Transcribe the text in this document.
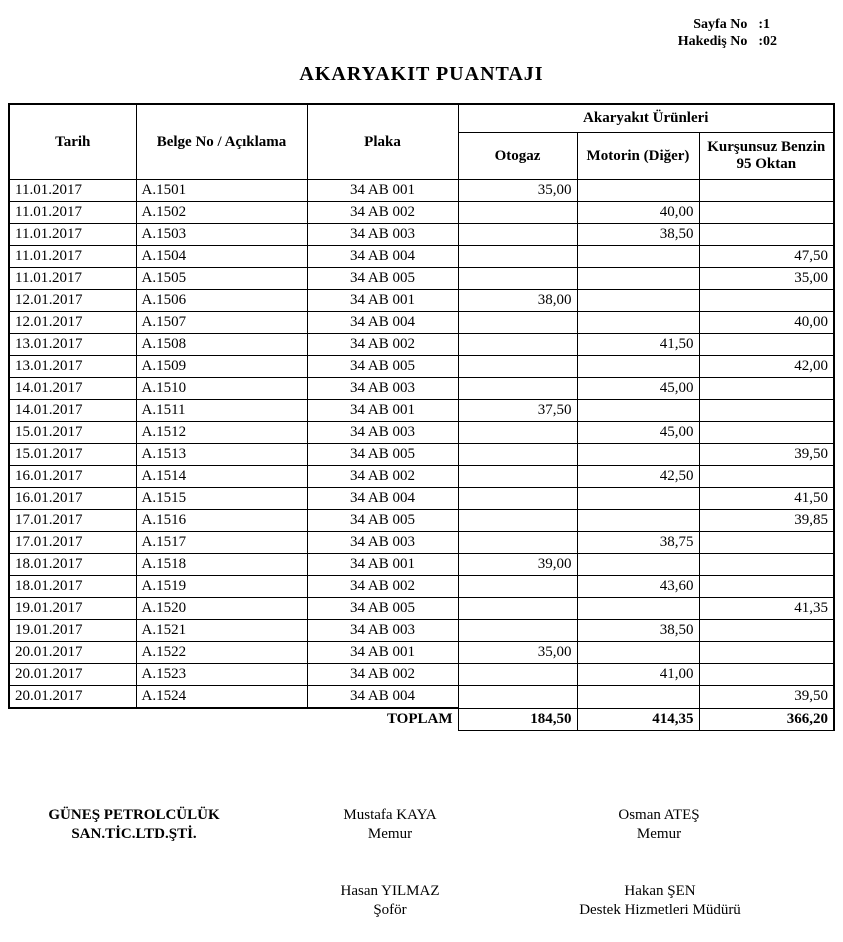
Sayfa No :1
Hakediş No :02
AKARYAKIT PUANTAJI
Tarih	Belge No / Açıklama	Plaka	Akaryakıt Ürünleri		
			Otogaz	Motorin (Diğer)	Kurşunsuz Benzin 95 Oktan
11.01.2017	A.1501	34 AB 001	35,00		
11.01.2017	A.1502	34 AB 002		40,00	
11.01.2017	A.1503	34 AB 003		38,50	
11.01.2017	A.1504	34 AB 004			47,50
11.01.2017	A.1505	34 AB 005			35,00
12.01.2017	A.1506	34 AB 001	38,00		
12.01.2017	A.1507	34 AB 004			40,00
13.01.2017	A.1508	34 AB 002		41,50	
13.01.2017	A.1509	34 AB 005			42,00
14.01.2017	A.1510	34 AB 003		45,00	
14.01.2017	A.1511	34 AB 001	37,50		
15.01.2017	A.1512	34 AB 003		45,00	
15.01.2017	A.1513	34 AB 005			39,50
16.01.2017	A.1514	34 AB 002		42,50	
16.01.2017	A.1515	34 AB 004			41,50
17.01.2017	A.1516	34 AB 005			39,85
17.01.2017	A.1517	34 AB 003		38,75	
18.01.2017	A.1518	34 AB 001	39,00		
18.01.2017	A.1519	34 AB 002		43,60	
19.01.2017	A.1520	34 AB 005			41,35
19.01.2017	A.1521	34 AB 003		38,50	
20.01.2017	A.1522	34 AB 001	35,00		
20.01.2017	A.1523	34 AB 002		41,00	
20.01.2017	A.1524	34 AB 004			39,50
TOPLAM			184,50	414,35	366,20
GÜNEŞ PETROLCÜLÜK
SAN.TİC.LTD.ŞTİ.
Mustafa KAYA
Memur
Osman ATEŞ
Memur
Hasan YILMAZ
Şoför
Hakan ŞEN
Destek Hizmetleri Müdürü
